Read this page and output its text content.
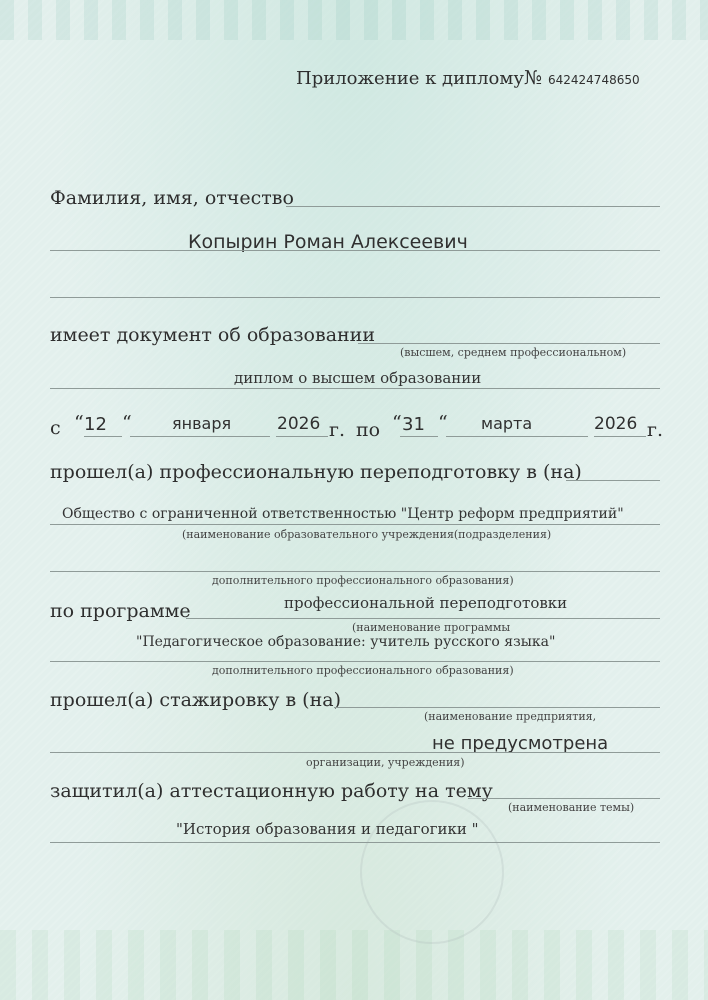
Приложение к диплому № 642424748650
Фамилия, имя, отчество
Копырин Роман Алексеевич
имеет документ об образовании
(высшем, среднем профессиональном)
диплом о высшем образовании
с “ 12 “	января	2026 г. по “ 31 “ марта	2026 г.
прошел(а) профессиональную переподготовку в (на)
Общество с ограниченной ответственностью "Центр реформ предприятий"
(наименование образовательного учреждения(подразделения)
дополнительного профессионального образования)
по программе	профессиональной переподготовки
(наименование программы
"Педагогическое образование: учитель русского языка"
дополнительного профессионального образования)
прошел(а) стажировку в (на)
(наименование предприятия,
не предусмотрена
организации, учреждения)
защитил(а) аттестационную работу на тему
(наименование темы)
"История образования и педагогики "
